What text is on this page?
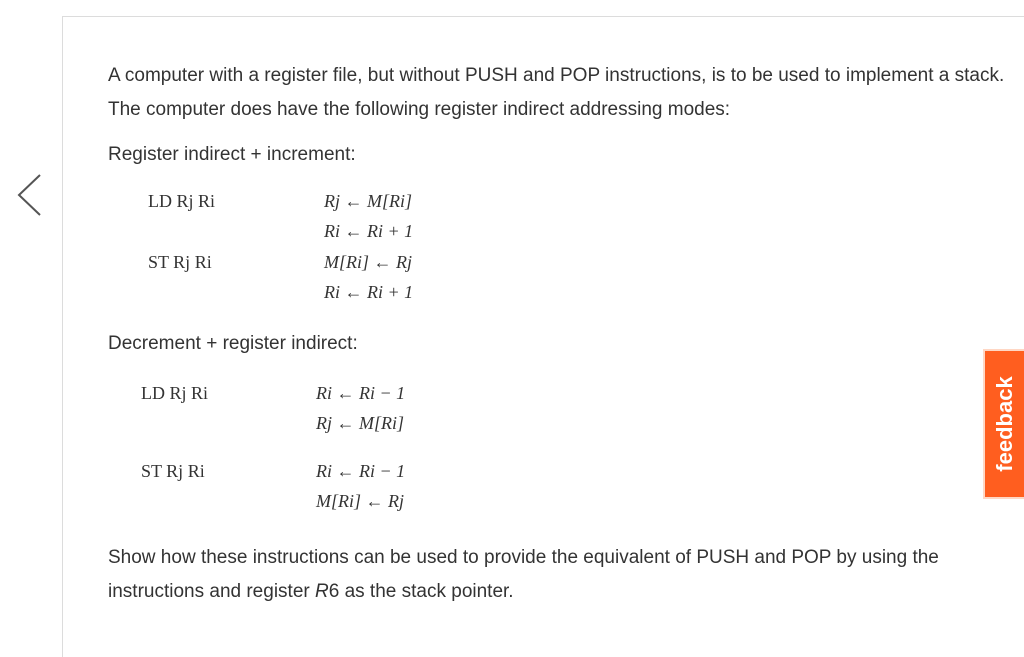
A computer with a register file, but without PUSH and POP instructions, is to be used to implement a stack. The computer does have the following register indirect addressing modes:
Register indirect + increment:
LD Rj Ri	Rj ← M[Ri]
Ri ← Ri + 1
ST Rj Ri	M[Ri] ← Rj
Ri ← Ri + 1
Decrement + register indirect:
LD Rj Ri	Ri ← Ri − 1
Rj ← M[Ri]
ST Rj Ri	Ri ← Ri − 1
M[Ri] ← Rj
Show how these instructions can be used to provide the equivalent of PUSH and POP by using the instructions and register R6 as the stack pointer.
feedback
